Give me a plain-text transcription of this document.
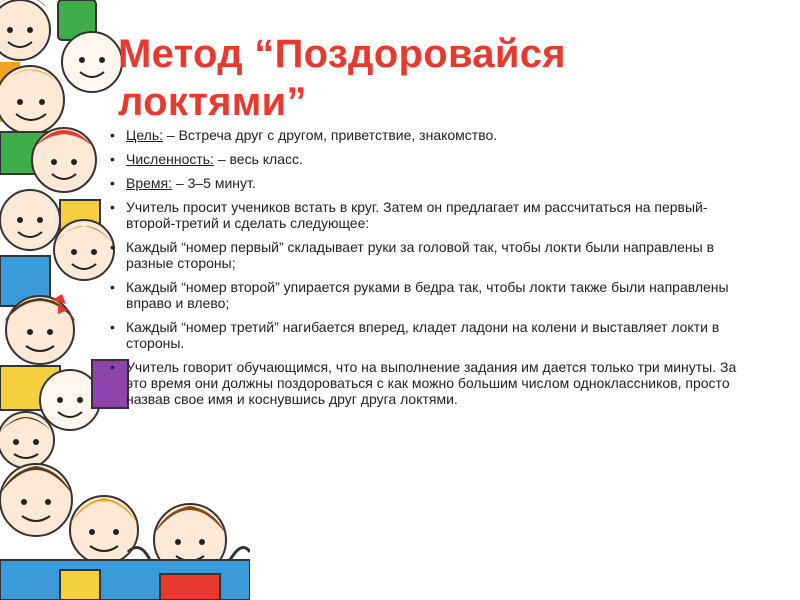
Метод “Поздоровайся
локтями”
• Цель: – Встреча друг с другом, приветствие, знакомство.
• Численность: – весь класс.
• Время: – 3–5 минут.
• Учитель просит учеников встать в круг. Затем он предлагает им рассчитаться на первый-второй-третий и сделать следующее:
• Каждый “номер первый” складывает руки за головой так, чтобы локти были направлены в разные стороны;
• Каждый “номер второй” упирается руками в бедра так, чтобы локти также были направлены вправо и влево;
• Каждый “номер третий” нагибается вперед, кладет ладони на колени и выставляет локти в стороны.
• Учитель говорит обучающимся, что на выполнение задания им дается только три минуты. За это время они должны поздороваться с как можно большим числом одноклассников, просто назвав свое имя и коснувшись друг друга локтями.
